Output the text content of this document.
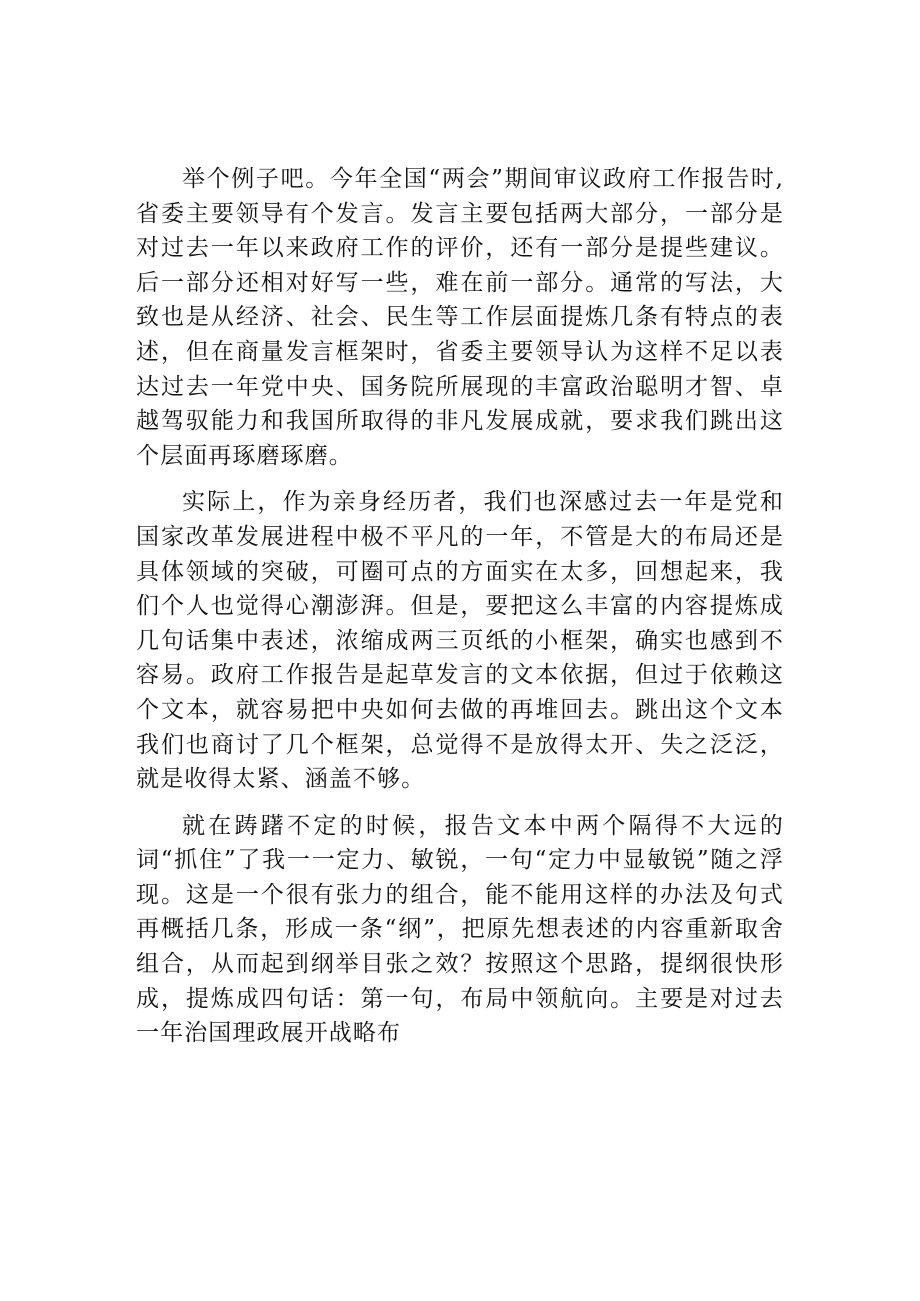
举个例子吧。今年全国“两会”期间审议政府工作报告时,省委主要领导有个发言。发言主要包括两大部分，一部分是对过去一年以来政府工作的评价，还有一部分是提些建议。后一部分还相对好写一些，难在前一部分。通常的写法，大致也是从经济、社会、民生等工作层面提炼几条有特点的表述，但在商量发言框架时，省委主要领导认为这样不足以表达过去一年党中央、国务院所展现的丰富政治聪明才智、卓越驾驭能力和我国所取得的非凡发展成就，要求我们跳出这个层面再琢磨琢磨。

实际上，作为亲身经历者，我们也深感过去一年是党和国家改革发展进程中极不平凡的一年，不管是大的布局还是具体领域的突破，可圈可点的方面实在太多，回想起来，我们个人也觉得心潮澎湃。但是，要把这么丰富的内容提炼成几句话集中表述，浓缩成两三页纸的小框架，确实也感到不容易。政府工作报告是起草发言的文本依据，但过于依赖这个文本，就容易把中央如何去做的再堆回去。跳出这个文本我们也商讨了几个框架，总觉得不是放得太开、失之泛泛，就是收得太紧、涵盖不够。

就在踌躇不定的时候，报告文本中两个隔得不大远的词“抓住”了我一一定力、敏锐，一句“定力中显敏锐”随之浮现。这是一个很有张力的组合，能不能用这样的办法及句式再概括几条，形成一条“纲”，把原先想表述的内容重新取舍组合，从而起到纲举目张之效？按照这个思路，提纲很快形成，提炼成四句话：第一句，布局中领航向。主要是对过去一年治国理政展开战略布
